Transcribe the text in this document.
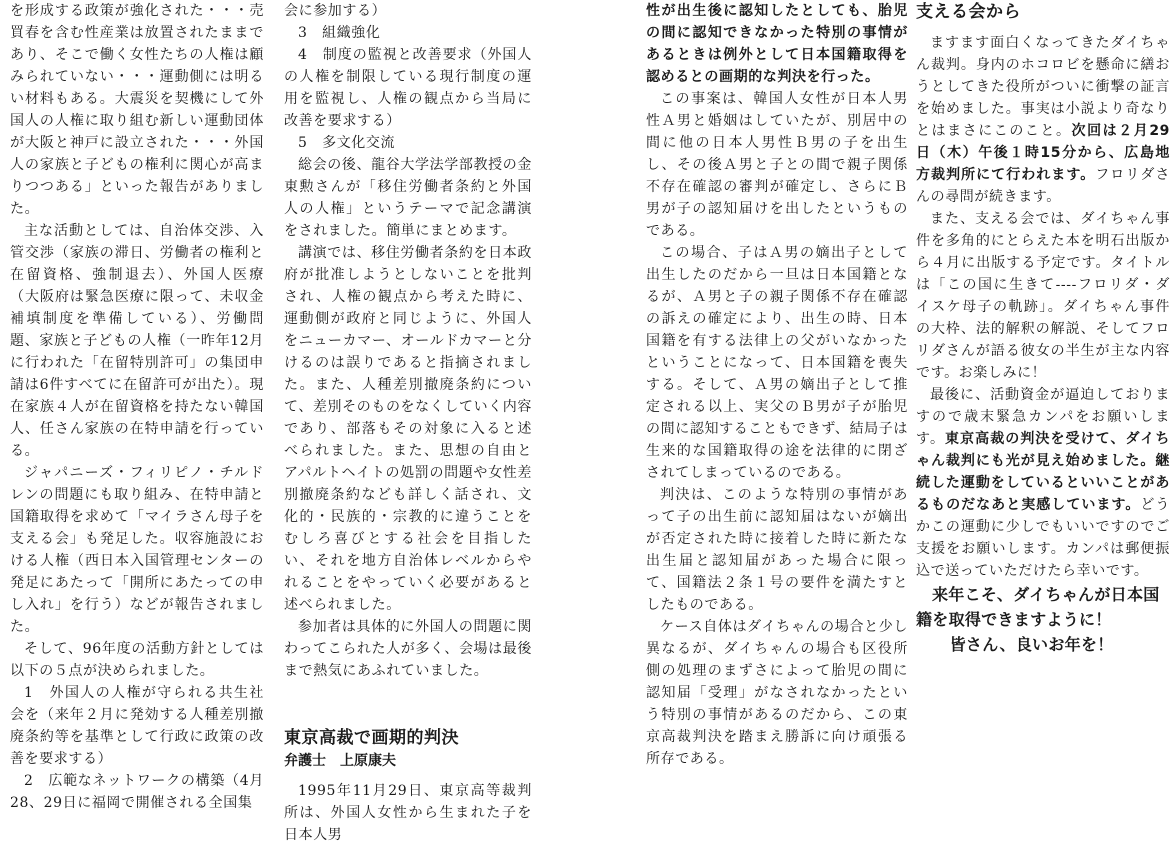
を形成する政策が強化された・・・売買春を含む性産業は放置されたままであり、そこで働く女性たちの人権は顧みられていない・・・運動側には明るい材料もある。大震災を契機にして外国人の人権に取り組む新しい運動団体が大阪と神戸に設立された・・・外国人の家族と子どもの権利に関心が高まりつつある」といった報告がありました。

主な活動としては、自治体交渉、入管交渉（家族の滞日、労働者の権利と在留資格、強制退去）、外国人医療（大阪府は緊急医療に限って、未収金補填制度を準備している）、労働問題、家族と子どもの人権（一昨年12月に行われた「在留特別許可」の集団申請は6件すべてに在留許可が出た）。現在家族４人が在留資格を持たない韓国人、任さん家族の在特申請を行っている。

ジャパニーズ・フィリピノ・チルドレンの問題にも取り組み、在特申請と国籍取得を求めて「マイラさん母子を支える会」も発足した。収容施設における人権（西日本入国管理センターの発足にあたって「開所にあたっての申し入れ」を行う）などが報告されました。

そして、96年度の活動方針としては以下の５点が決められました。

1　外国人の人権が守られる共生社会を（来年２月に発効する人種差別撤廃条約等を基準として行政に政策の改善を要求する）

2　広範なネットワークの構築（4月28、29日に福岡で開催される全国集

会に参加する）

3　組織強化

4　制度の監視と改善要求（外国人の人権を制限している現行制度の運用を監視し、人権の観点から当局に改善を要求する）

5　多文化交流

総会の後、龍谷大学法学部教授の金東勲さんが「移住労働者条約と外国人の人権」というテーマで記念講演をされました。簡単にまとめます。

講演では、移住労働者条約を日本政府が批准しようとしないことを批判され、人権の観点から考えた時に、運動側が政府と同じように、外国人をニューカマー、オールドカマーと分けるのは誤りであると指摘されました。また、人種差別撤廃条約について、差別そのものをなくしていく内容であり、部落もその対象に入ると述べられました。また、思想の自由とアパルトヘイトの処罰の問題や女性差別撤廃条約なども詳しく話され、文化的・民族的・宗教的に違うことをむしろ喜びとする社会を目指したい、それを地方自治体レベルからやれることをやっていく必要があると述べられました。

参加者は具体的に外国人の問題に関わってこられた人が多く、会場は最後まで熱気にあふれていました。

東京高裁で画期的判決

弁護士　上原康夫

1995年11月29日、東京高等裁判所は、外国人女性から生まれた子を日本人男

性が出生後に認知したとしても、胎児の間に認知できなかった特別の事情があるときは例外として日本国籍取得を認めるとの画期的な判決を行った。

この事案は、韓国人女性が日本人男性Ａ男と婚姻はしていたが、別居中の間に他の日本人男性Ｂ男の子を出生し、その後Ａ男と子との間で親子関係不存在確認の審判が確定し、さらにＢ男が子の認知届けを出したというものである。

この場合、子はＡ男の嫡出子として出生したのだから一旦は日本国籍となるが、Ａ男と子の親子関係不存在確認の訴えの確定により、出生の時、日本国籍を有する法律上の父がいなかったということになって、日本国籍を喪失する。そして、Ａ男の嫡出子として推定される以上、実父のＢ男が子が胎児の間に認知することもできず、結局子は生来的な国籍取得の途を法律的に閉ざされてしまっているのである。

判決は、このような特別の事情があって子の出生前に認知届はないが嫡出が否定された時に接着した時に新たな出生届と認知届があった場合に限って、国籍法２条１号の要件を満たすとしたものである。

ケース自体はダイちゃんの場合と少し異なるが、ダイちゃんの場合も区役所側の処理のまずさによって胎児の間に認知届「受理」がなされなかったという特別の事情があるのだから、この東京高裁判決を踏まえ勝訴に向け頑張る所存である。

支える会から

ますます面白くなってきたダイちゃん裁判。身内のホコロビを懸命に繕おうとしてきた役所がついに衝撃の証言を始めました。事実は小説より奇なりとはまさにこのこと。次回は２月29日（木）午後１時15分から、広島地方裁判所にて行われます。フロリダさんの尋問が続きます。

また、支える会では、ダイちゃん事件を多角的にとらえた本を明石出版から４月に出版する予定です。タイトルは「この国に生きて----フロリダ・ダイスケ母子の軌跡」。ダイちゃん事件の大枠、法的解釈の解説、そしてフロリダさんが語る彼女の半生が主な内容です。お楽しみに！

最後に、活動資金が逼迫しておりますので歳末緊急カンパをお願いします。東京高裁の判決を受けて、ダイちゃん裁判にも光が見え始めました。継続した運動をしているといいことがあるものだなあと実感しています。どうかこの運動に少しでもいいですのでご支援をお願いします。カンパは郵便振込で送っていただけたら幸いです。

来年こそ、ダイちゃんが日本国籍を取得できますように！

皆さん、良いお年を！
